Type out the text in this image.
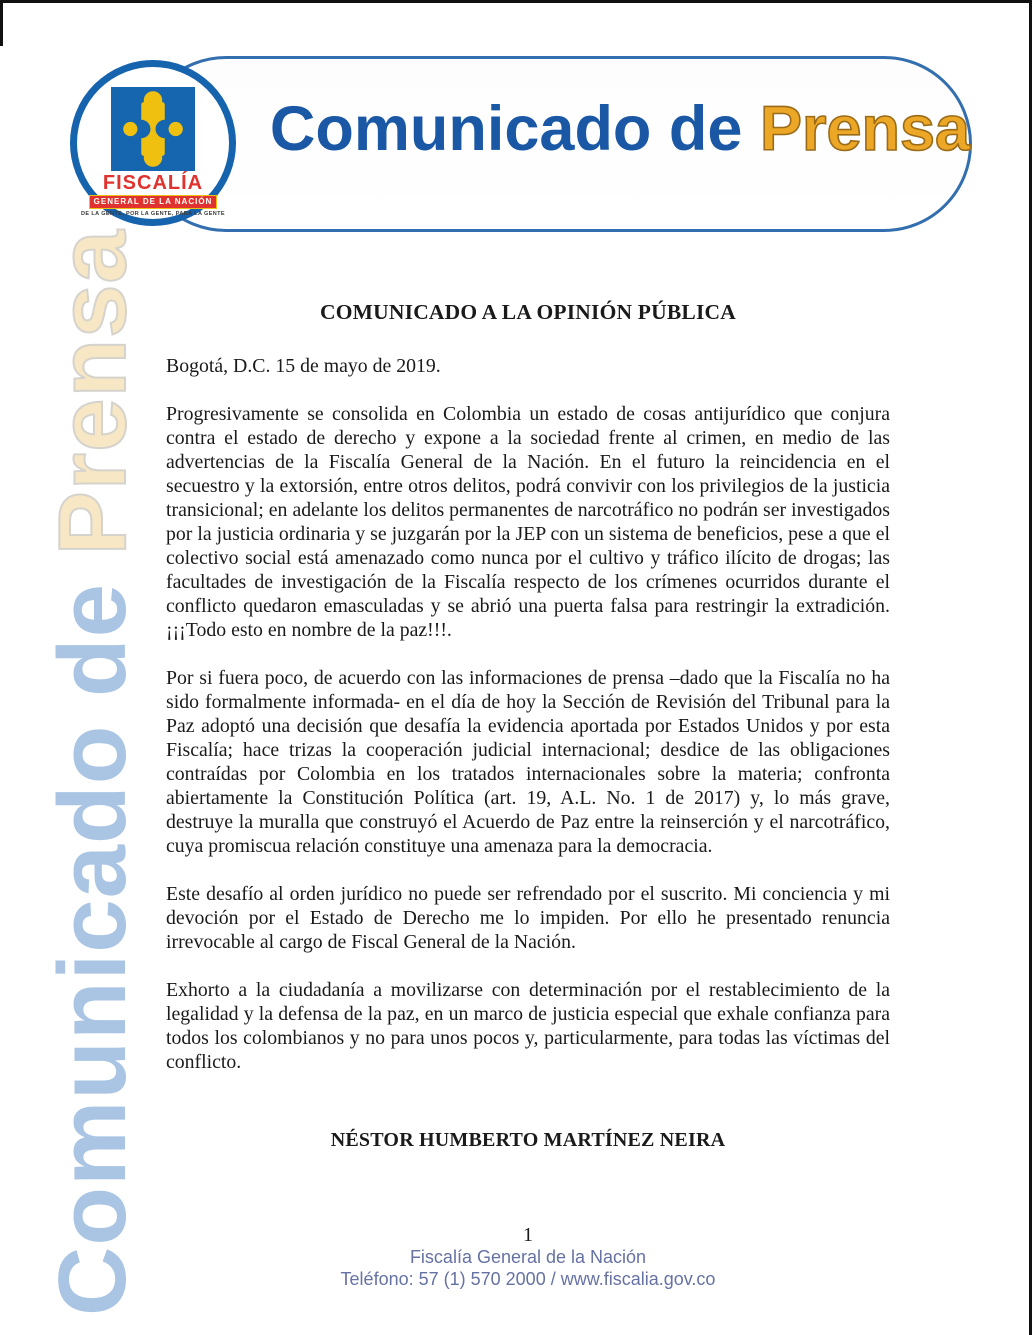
Comunicado de Prensa
FISCALÍA
GENERAL DE LA NACIÓN
DE LA GENTE, POR LA GENTE, PARA LA GENTE
Comunicado de Prensa	COMUNICADO A LA OPINIÓN PÚBLICA

Bogotá, D.C. 15 de mayo de 2019.

Progresivamente se consolida en Colombia un estado de cosas antijurídico que conjura contra el estado de derecho y expone a la sociedad frente al crimen, en medio de las advertencias de la Fiscalía General de la Nación. En el futuro la reincidencia en el secuestro y la extorsión, entre otros delitos, podrá convivir con los privilegios de la justicia transicional; en adelante los delitos permanentes de narcotráfico no podrán ser investigados por la justicia ordinaria y se juzgarán por la JEP con un sistema de beneficios, pese a que el colectivo social está amenazado como nunca por el cultivo y tráfico ilícito de drogas; las facultades de investigación de la Fiscalía respecto de los crímenes ocurridos durante el conflicto quedaron emasculadas y se abrió una puerta falsa para restringir la extradición. ¡¡¡Todo esto en nombre de la paz!!!.

Por si fuera poco, de acuerdo con las informaciones de prensa –dado que la Fiscalía no ha sido formalmente informada- en el día de hoy la Sección de Revisión del Tribunal para la Paz adoptó una decisión que desafía la evidencia aportada por Estados Unidos y por esta Fiscalía; hace trizas la cooperación judicial internacional; desdice de las obligaciones contraídas por Colombia en los tratados internacionales sobre la materia; confronta abiertamente la Constitución Política (art. 19, A.L. No. 1 de 2017) y, lo más grave, destruye la muralla que construyó el Acuerdo de Paz entre la reinserción y el narcotráfico, cuya promiscua relación constituye una amenaza para la democracia.

Este desafío al orden jurídico no puede ser refrendado por el suscrito. Mi conciencia y mi devoción por el Estado de Derecho me lo impiden. Por ello he presentado renuncia irrevocable al cargo de Fiscal General de la Nación.

Exhorto a la ciudadanía a movilizarse con determinación por el restablecimiento de la legalidad y la defensa de la paz, en un marco de justicia especial que exhale confianza para todos los colombianos y no para unos pocos y, particularmente, para todas las víctimas del conflicto.

NÉSTOR HUMBERTO MARTÍNEZ NEIRA

1
Fiscalía General de la Nación
Teléfono: 57 (1) 570 2000 / www.fiscalia.gov.co
